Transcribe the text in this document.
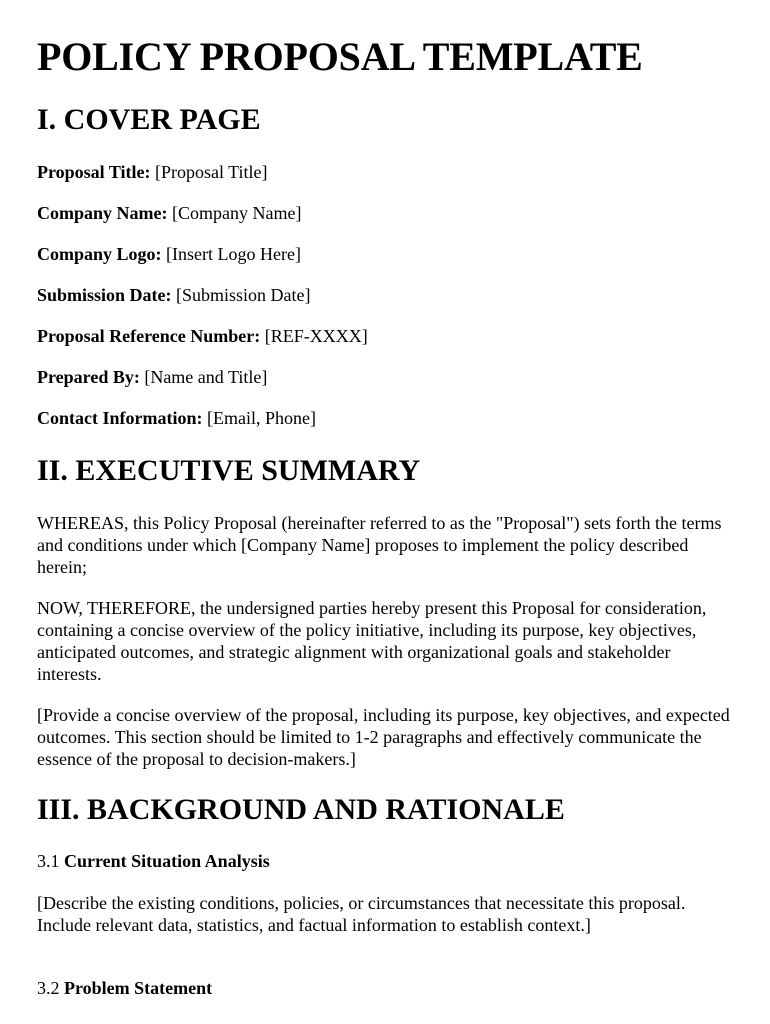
POLICY PROPOSAL TEMPLATE
I. COVER PAGE

Proposal Title: [Proposal Title]

Company Name: [Company Name]

Company Logo: [Insert Logo Here]

Submission Date: [Submission Date]

Proposal Reference Number: [REF-XXXX]

Prepared By: [Name and Title]

Contact Information: [Email, Phone]

II. EXECUTIVE SUMMARY

WHEREAS, this Policy Proposal (hereinafter referred to as the "Proposal") sets forth the terms and conditions under which [Company Name] proposes to implement the policy described herein;

NOW, THEREFORE, the undersigned parties hereby present this Proposal for consideration, containing a concise overview of the policy initiative, including its purpose, key objectives, anticipated outcomes, and strategic alignment with organizational goals and stakeholder interests.

[Provide a concise overview of the proposal, including its purpose, key objectives, and expected outcomes. This section should be limited to 1-2 paragraphs and effectively communicate the essence of the proposal to decision-makers.]

III. BACKGROUND AND RATIONALE

3.1 Current Situation Analysis

[Describe the existing conditions, policies, or circumstances that necessitate this proposal. Include relevant data, statistics, and factual information to establish context.]

3.2 Problem Statement
